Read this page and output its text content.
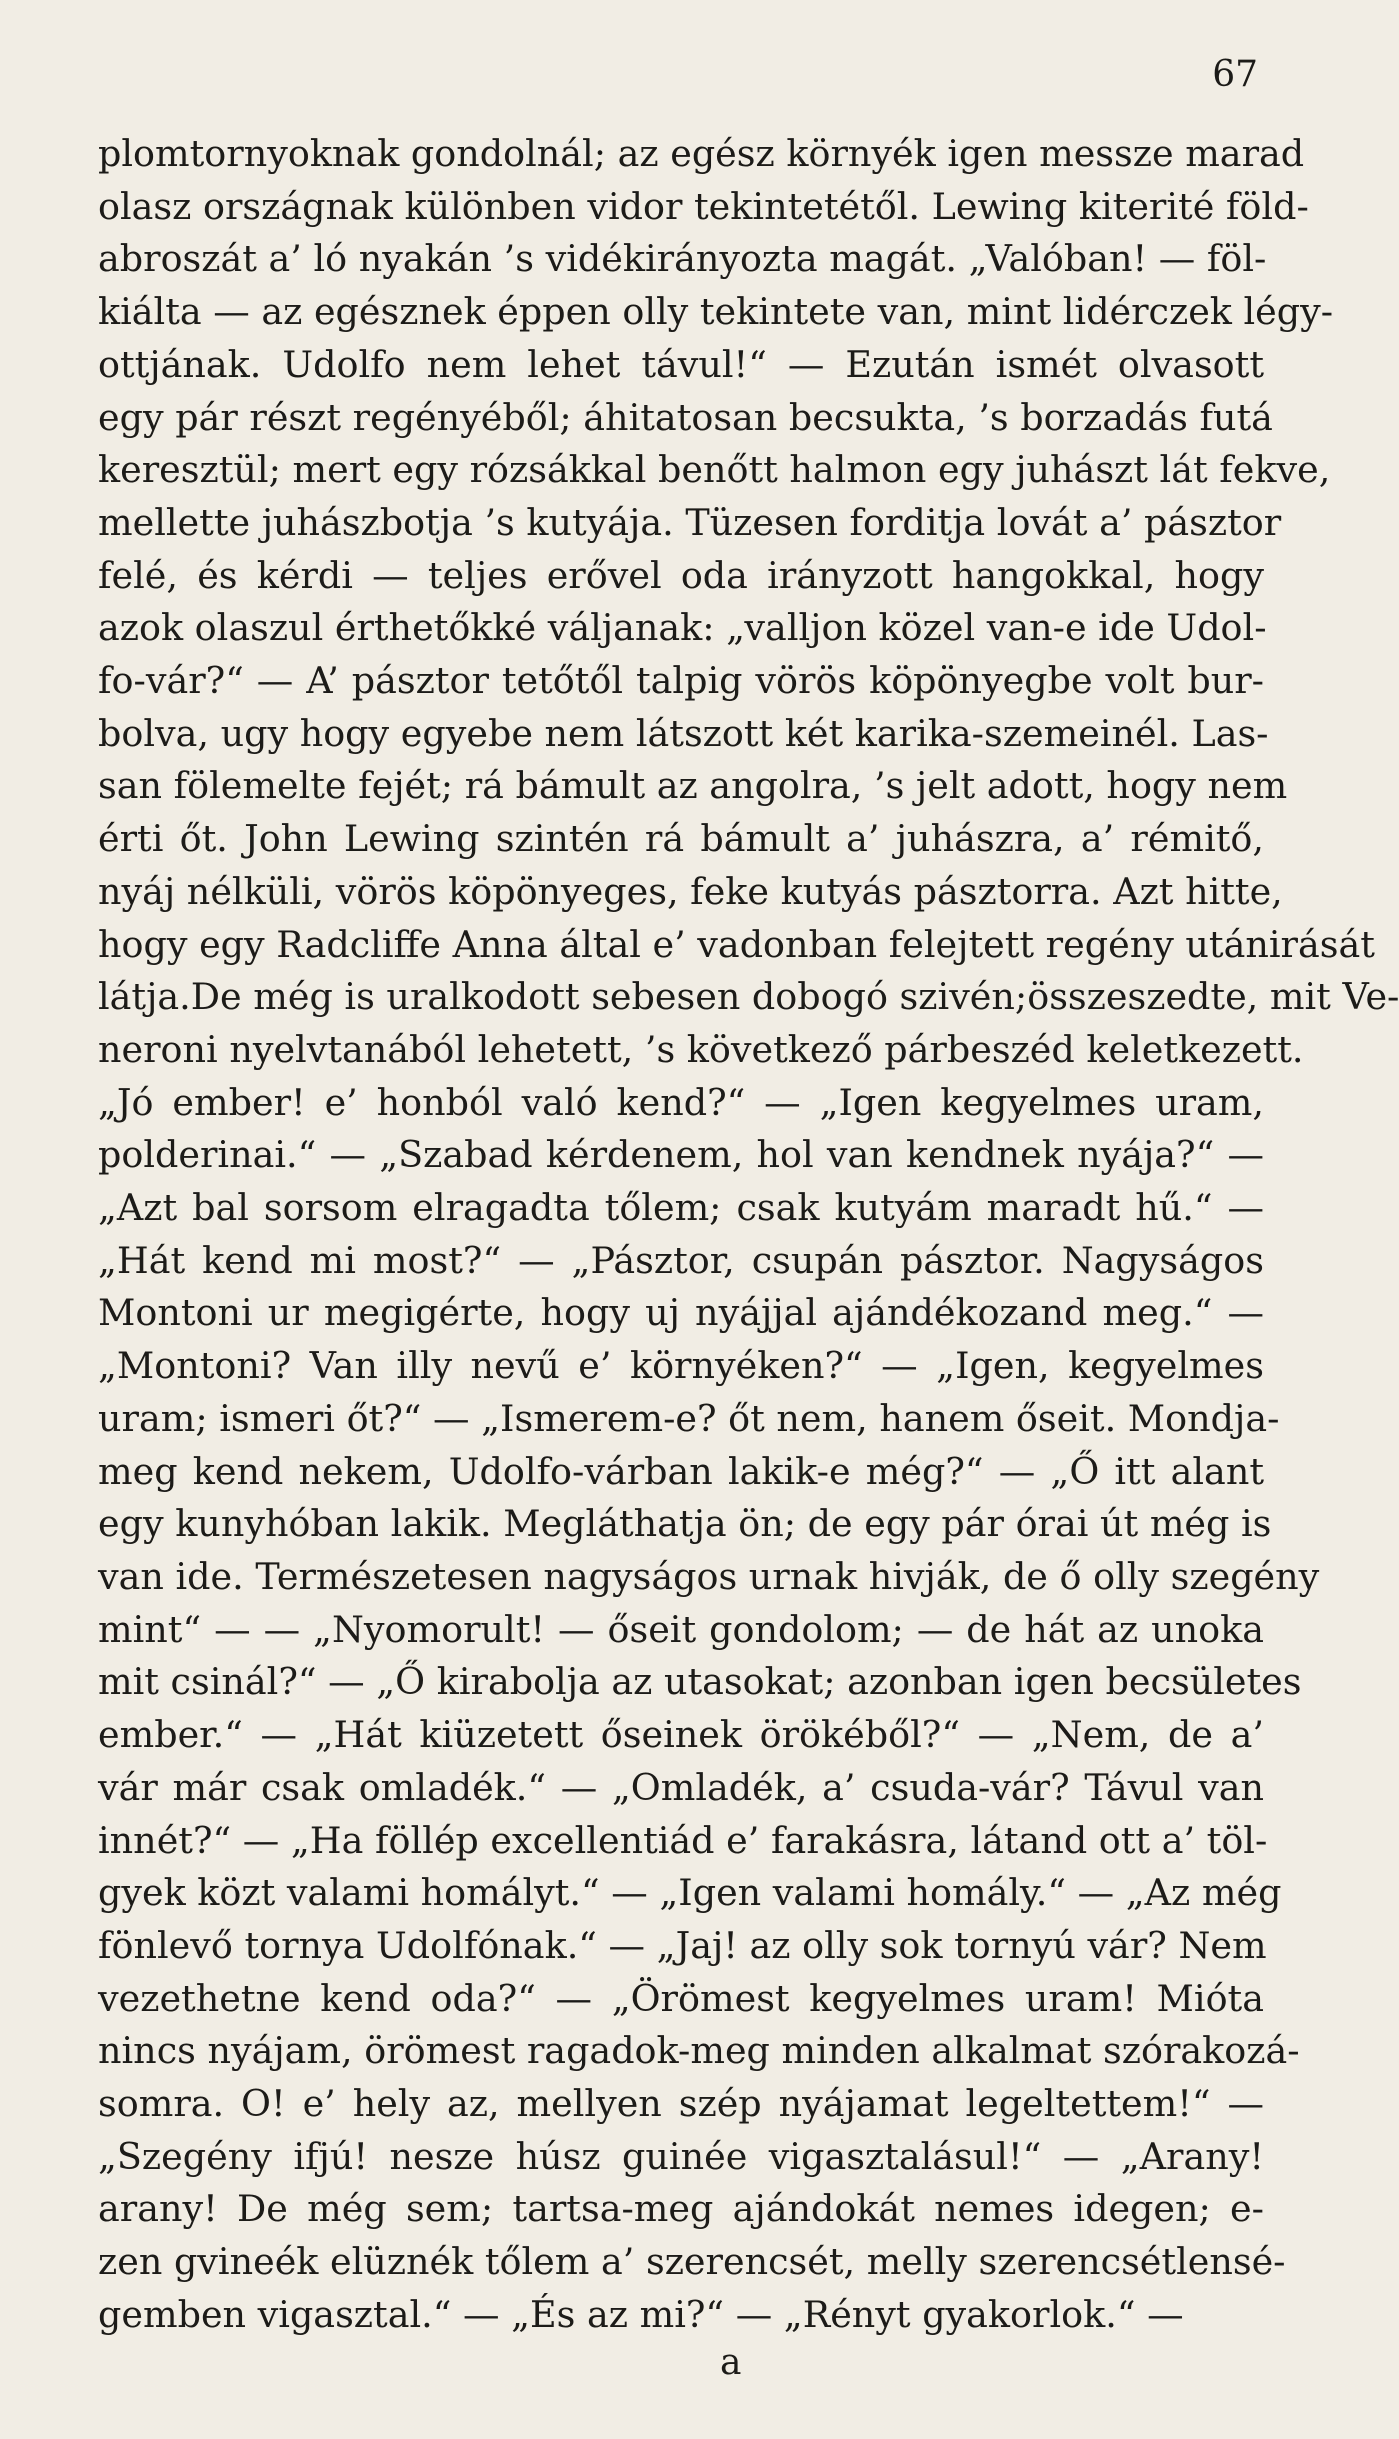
67
plomtornyoknak gondolnál; az egész környék igen messze marad
olasz országnak különben vidor tekintetétől. Lewing kiterité föld-
abroszát a’ ló nyakán ’s vidékirányozta magát. „Valóban! — föl-
kiálta — az egésznek éppen olly tekintete van, mint lidérczek légy-
ottjának. Udolfo nem lehet távul!“ — Ezután ismét olvasott
egy pár részt regényéből; áhitatosan becsukta, ’s borzadás futá
keresztül; mert egy rózsákkal benőtt halmon egy juhászt lát fekve,
mellette juhászbotja ’s kutyája. Tüzesen forditja lovát a’ pásztor
felé, és kérdi — teljes erővel oda irányzott hangokkal, hogy
azok olaszul érthetőkké váljanak: „valljon közel van-e ide Udol-
fo-vár?“ — A’ pásztor tetőtől talpig vörös köpönyegbe volt bur-
bolva, ugy hogy egyebe nem látszott két karika-szemeinél. Las-
san fölemelte fejét; rá bámult az angolra, ’s jelt adott, hogy nem
érti őt. John Lewing szintén rá bámult a’ juhászra, a’ rémitő,
nyáj nélküli, vörös köpönyeges, feke kutyás pásztorra. Azt hitte,
hogy egy Radcliffe Anna által e’ vadonban felejtett regény utánirását
látja.De még is uralkodott sebesen dobogó szivén;összeszedte, mit Ve-
neroni nyelvtanából lehetett, ’s következő párbeszéd keletkezett.
„Jó ember! e’ honból való kend?“ — „Igen kegyelmes uram,
polderinai.“ — „Szabad kérdenem, hol van kendnek nyája?“ —
„Azt bal sorsom elragadta tőlem; csak kutyám maradt hű.“ —
„Hát kend mi most?“ — „Pásztor, csupán pásztor. Nagyságos
Montoni ur megigérte, hogy uj nyájjal ajándékozand meg.“ —
„Montoni? Van illy nevű e’ környéken?“ — „Igen, kegyelmes
uram; ismeri őt?“ — „Ismerem-e? őt nem, hanem őseit. Mondja-
meg kend nekem, Udolfo-várban lakik-e még?“ — „Ő itt alant
egy kunyhóban lakik. Megláthatja ön; de egy pár órai út még is
van ide. Természetesen nagyságos urnak hivják, de ő olly szegény
mint“ — — „Nyomorult! — őseit gondolom; — de hát az unoka
mit csinál?“ — „Ő kirabolja az utasokat; azonban igen becsületes
ember.“ — „Hát kiüzetett őseinek örökéből?“ — „Nem, de a’
vár már csak omladék.“ — „Omladék, a’ csuda-vár? Távul van
innét?“ — „Ha föllép excellentiád e’ farakásra, látand ott a’ töl-
gyek közt valami homályt.“ — „Igen valami homály.“ — „Az még
fönlevő tornya Udolfónak.“ — „Jaj! az olly sok tornyú vár? Nem
vezethetne kend oda?“ — „Örömest kegyelmes uram! Mióta
nincs nyájam, örömest ragadok-meg minden alkalmat szórakozá-
somra. O! e’ hely az, mellyen szép nyájamat legeltettem!“ —
„Szegény ifjú! nesze húsz guinée vigasztalásul!“ — „Arany!
arany! De még sem; tartsa-meg ajándokát nemes idegen; e-
zen gvineék elüznék tőlem a’ szerencsét, melly szerencsétlensé-
gemben vigasztal.“ — „És az mi?“ — „Rényt gyakorlok.“ —
a
